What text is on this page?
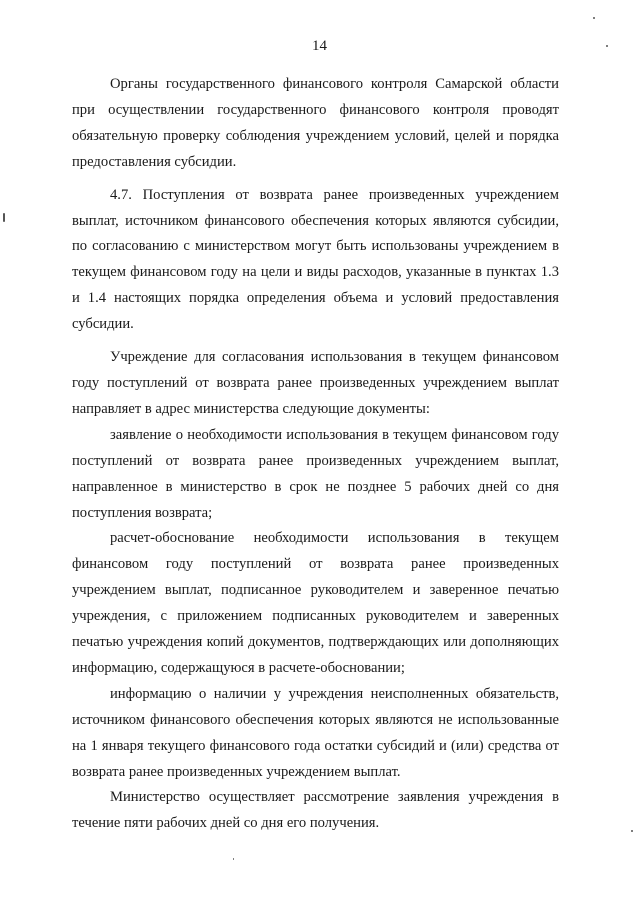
14

Органы государственного финансового контроля Самарской области при осуществлении государственного финансового контроля проводят обязательную проверку соблюдения учреждением условий, целей и порядка предоставления субсидии.

4.7. Поступления от возврата ранее произведенных учреждением выплат, источником финансового обеспечения которых являются субсидии, по согласованию с министерством могут быть использованы учреждением в текущем финансовом году на цели и виды расходов, указанные в пунктах 1.3 и 1.4 настоящих порядка определения объема и условий предоставления субсидии.

Учреждение для согласования использования в текущем финансовом году поступлений от возврата ранее произведенных учреждением выплат направляет в адрес министерства следующие документы:

заявление о необходимости использования в текущем финансовом году поступлений от возврата ранее произведенных учреждением выплат, направленное в министерство в срок не позднее 5 рабочих дней со дня поступления возврата;

расчет-обоснование необходимости использования в текущем финансовом году поступлений от возврата ранее произведенных учреждением выплат, подписанное руководителем и заверенное печатью учреждения, с приложением подписанных руководителем и заверенных печатью учреждения копий документов, подтверждающих или дополняющих информацию, содержащуюся в расчете-обосновании;

информацию о наличии у учреждения неисполненных обязательств, источником финансового обеспечения которых являются не использованные на 1 января текущего финансового года остатки субсидий и (или) средства от возврата ранее произведенных учреждением выплат.

Министерство осуществляет рассмотрение заявления учреждения в течение пяти рабочих дней со дня его получения.
